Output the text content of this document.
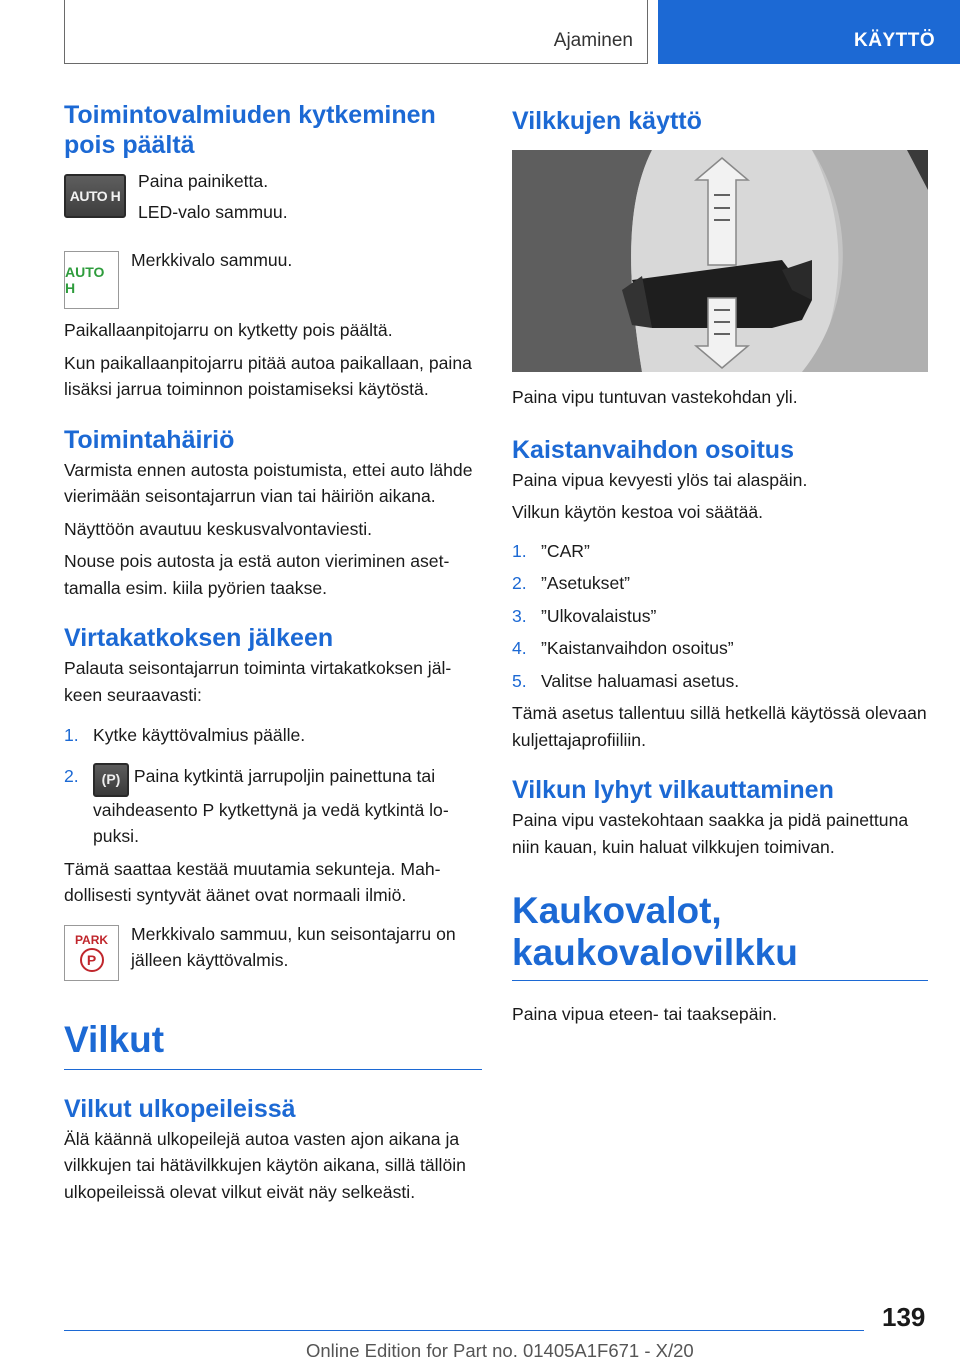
Ajaminen	KÄYTTÖ
Toimintovalmiuden kytkeminen pois päältä
AUTO H

Paina painiketta.

LED-valo sammuu.

AUTO H

Merkkivalo sammuu.

Paikallaanpitojarru on kytketty pois päältä.

Kun paikallaanpitojarru pitää autoa paikallaan, paina lisäksi jarrua toiminnon poistamiseksi käytöstä.

Toimintahäiriö

Varmista ennen autosta poistumista, ettei auto lähde vierimään seisontajarrun vian tai häiriön aikana.

Näyttöön avautuu keskusvalvontaviesti.

Nouse pois autosta ja estä auton vieriminen asettamalla esim. kiila pyörien taakse.

Virtakatkoksen jälkeen

Palauta seisontajarrun toiminta virtakatkoksen jälkeen seuraavasti:

1. Kytke käyttövalmius päälle.
2.	(P) Paina kytkintä jarrupoljin painettuna tai vaihdeasento P kytkettynä ja vedä kytkintä lopuksi.

Tämä saattaa kestää muutamia sekunteja. Mahdollisesti syntyvät äänet ovat normaali ilmiö.

PARK
P

Merkkivalo sammuu, kun seisontajarru on jälleen käyttövalmis.

Vilkut
Vilkut ulkopeileissä

Älä käännä ulkopeilejä autoa vasten ajon aikana ja vilkkujen tai hätävilkkujen käytön aikana, sillä tällöin ulkopeileissä olevat vilkut eivät näy selkeästi.

Vilkkujen käyttö

Paina vipu tuntuvan vastekohdan yli.

Kaistanvaihdon osoitus

Paina vipua kevyesti ylös tai alaspäin.

Vilkun käytön kestoa voi säätää.

1. ”CAR”
2. ”Asetukset”
3. ”Ulkovalaistus”
4. ”Kaistanvaihdon osoitus”
5. Valitse haluamasi asetus.

Tämä asetus tallentuu sillä hetkellä käytössä olevaan kuljettajaprofiiliin.

Vilkun lyhyt vilkauttaminen

Paina vipu vastekohtaan saakka ja pidä painettuna niin kauan, kuin haluat vilkkujen toimivan.

Kaukovalot, kaukovalovilkku

Paina vipua eteen- tai taaksepäin.

139
Online Edition for Part no. 01405A1F671 - X/20
